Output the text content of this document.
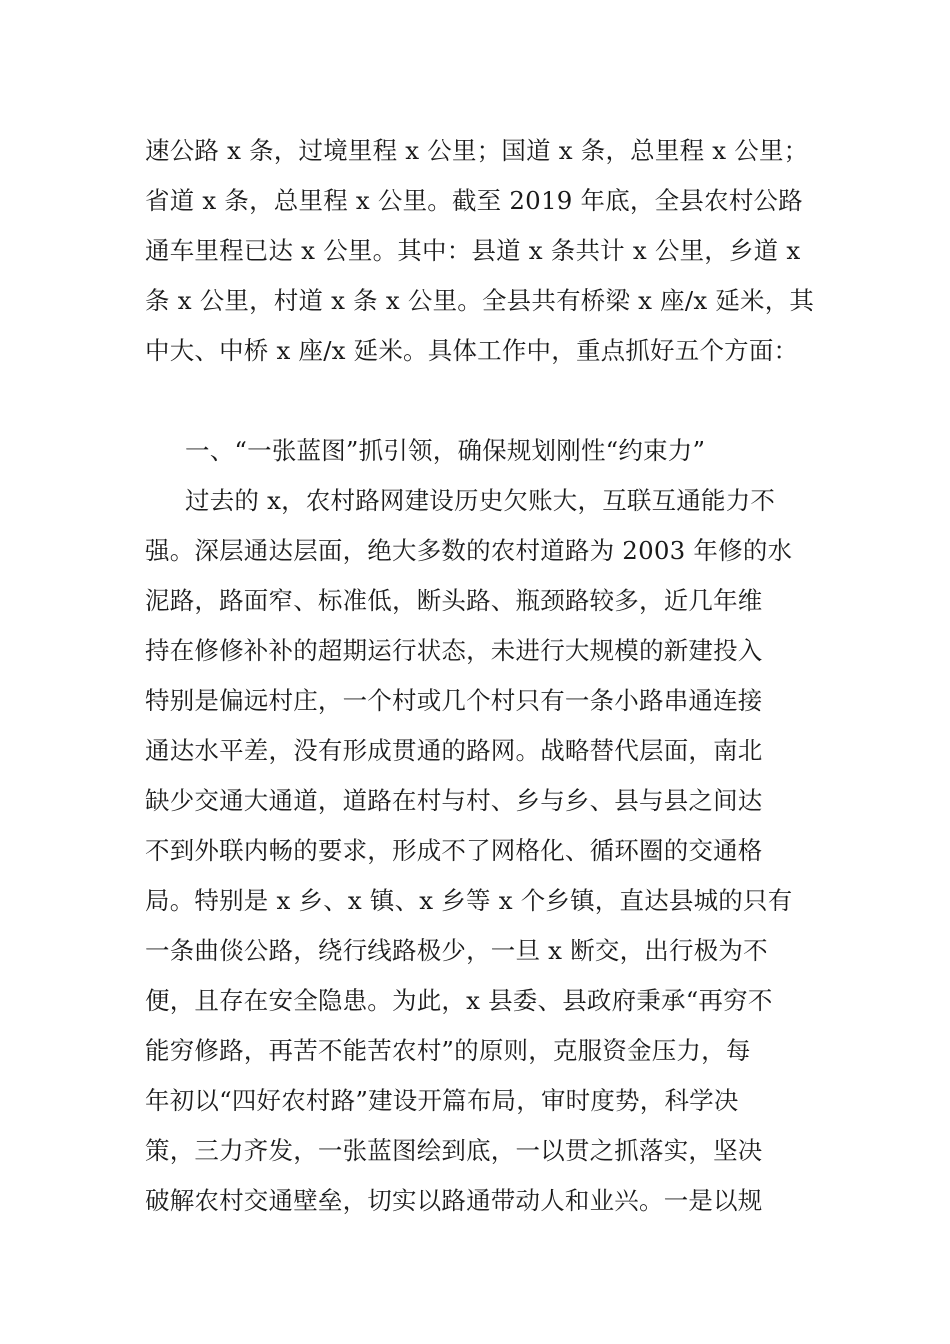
速公路 x 条，过境里程 x 公里；国道 x 条，总里程 x 公里；
省道 x 条，总里程 x 公里。截至 2019 年底，全县农村公路
通车里程已达 x 公里。其中：县道 x 条共计 x 公里，乡道 x
条 x 公里，村道 x 条 x 公里。全县共有桥梁 x 座/x 延米，其
中大、中桥 x 座/x 延米。具体工作中，重点抓好五个方面：
一、“一张蓝图”抓引领，确保规划刚性“约束力”
过去的 x，农村路网建设历史欠账大，互联互通能力不
强。深层通达层面，绝大多数的农村道路为 2003 年修的水
泥路，路面窄、标准低，断头路、瓶颈路较多，近几年维
持在修修补补的超期运行状态，未进行大规模的新建投入
特别是偏远村庄，一个村或几个村只有一条小路串通连接
通达水平差，没有形成贯通的路网。战略替代层面，南北
缺少交通大通道，道路在村与村、乡与乡、县与县之间达
不到外联内畅的要求，形成不了网格化、循环圈的交通格
局。特别是 x 乡、x 镇、x 乡等 x 个乡镇，直达县城的只有
一条曲倓公路，绕行线路极少，一旦 x 断交，出行极为不
便，且存在安全隐患。为此，x 县委、县政府秉承“再穷不
能穷修路，再苦不能苦农村”的原则，克服资金压力，每
年初以“四好农村路”建设开篇布局，审时度势，科学决
策，三力齐发，一张蓝图绘到底，一以贯之抓落实，坚决
破解农村交通壁垒，切实以路通带动人和业兴。一是以规
